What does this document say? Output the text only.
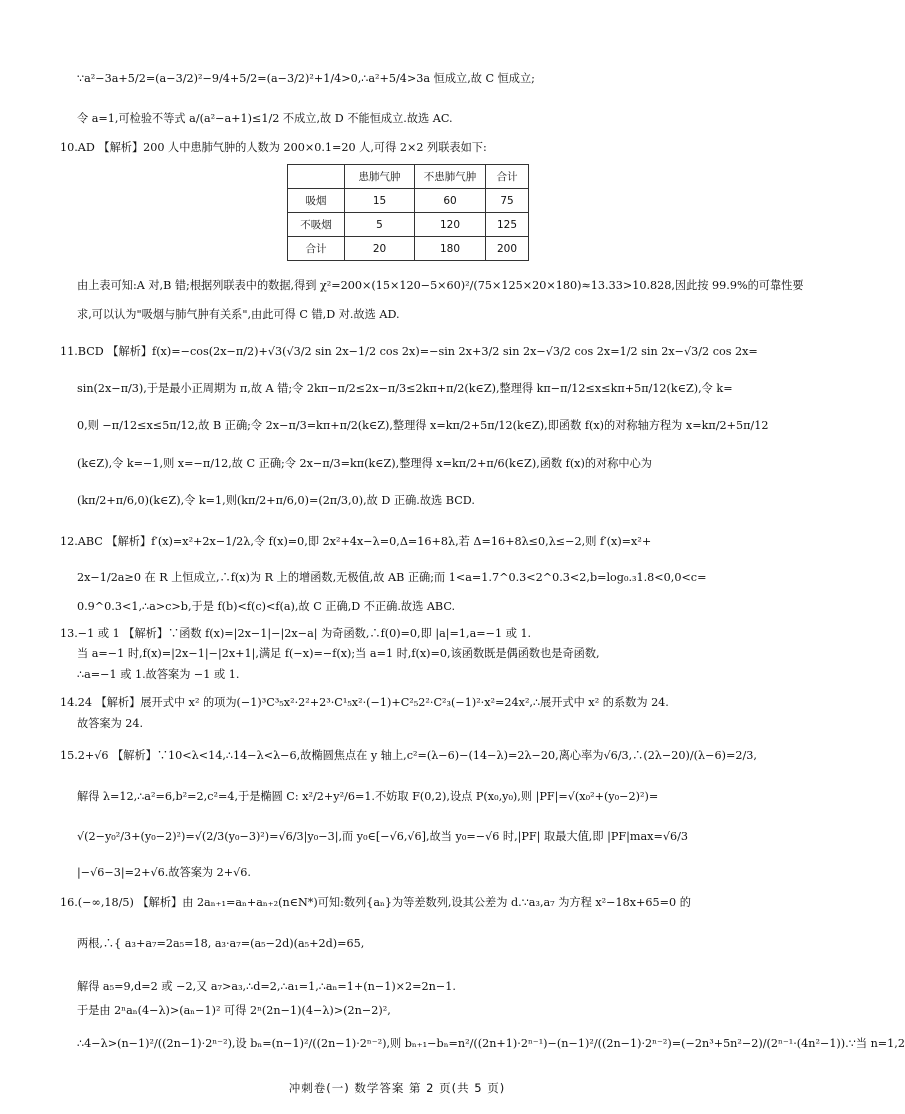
∵a²−3a+5/2=(a−3/2)²−9/4+5/2=(a−3/2)²+1/4>0,∴a²+5/4>3a 恒成立,故 C 恒成立;
令 a=1,可检验不等式 a/(a²−a+1)≤1/2 不成立,故 D 不能恒成立.故选 AC.
10.AD 【解析】200 人中患肺气肿的人数为 200×0.1=20 人,可得 2×2 列联表如下:
	患肺气肿	不患肺气肿	合计
吸烟	15	60	75
不吸烟	5	120	125
合计	20	180	200
由上表可知:A 对,B 错;根据列联表中的数据,得到 χ²=200×(15×120−5×60)²/(75×125×20×180)≈13.33>10.828,因此按 99.9%的可靠性要
求,可以认为"吸烟与肺气肿有关系",由此可得 C 错,D 对.故选 AD.
11.BCD 【解析】f(x)=−cos(2x−π/2)+√3(√3/2 sin 2x−1/2 cos 2x)=−sin 2x+3/2 sin 2x−√3/2 cos 2x=1/2 sin 2x−√3/2 cos 2x=
sin(2x−π/3),于是最小正周期为 π,故 A 错;令 2kπ−π/2≤2x−π/3≤2kπ+π/2(k∈Z),整理得 kπ−π/12≤x≤kπ+5π/12(k∈Z),令 k=
0,则 −π/12≤x≤5π/12,故 B 正确;令 2x−π/3=kπ+π/2(k∈Z),整理得 x=kπ/2+5π/12(k∈Z),即函数 f(x)的对称轴方程为 x=kπ/2+5π/12
(k∈Z),令 k=−1,则 x=−π/12,故 C 正确;令 2x−π/3=kπ(k∈Z),整理得 x=kπ/2+π/6(k∈Z),函数 f(x)的对称中心为
(kπ/2+π/6,0)(k∈Z),令 k=1,则(kπ/2+π/6,0)=(2π/3,0),故 D 正确.故选 BCD.
12.ABC 【解析】f′(x)=x²+2x−1/2λ,令 f(x)=0,即 2x²+4x−λ=0,Δ=16+8λ,若 Δ=16+8λ≤0,λ≤−2,则 f′(x)=x²+
2x−1/2a≥0 在 R 上恒成立,∴f(x)为 R 上的增函数,无极值,故 AB 正确;而 1<a=1.7^0.3<2^0.3<2,b=log₀.₃1.8<0,0<c=
0.9^0.3<1,∴a>c>b,于是 f(b)<f(c)<f(a),故 C 正确,D 不正确.故选 ABC.
13.−1 或 1 【解析】∵函数 f(x)=|2x−1|−|2x−a| 为奇函数,∴f(0)=0,即 |a|=1,a=−1 或 1.
当 a=−1 时,f(x)=|2x−1|−|2x+1|,满足 f(−x)=−f(x);当 a=1 时,f(x)=0,该函数既是偶函数也是奇函数,
∴a=−1 或 1.故答案为 −1 或 1.
14.24 【解析】展开式中 x² 的项为(−1)³C³₅x²·2²+2³·C¹₅x²·(−1)+C²₅2²·C²₃(−1)²·x²=24x²,∴展开式中 x² 的系数为 24.
故答案为 24.
15.2+√6 【解析】∵10<λ<14,∴14−λ<λ−6,故椭圆焦点在 y 轴上,c²=(λ−6)−(14−λ)=2λ−20,离心率为√6/3,∴(2λ−20)/(λ−6)=2/3,
解得 λ=12,∴a²=6,b²=2,c²=4,于是椭圆 C: x²/2+y²/6=1.不妨取 F(0,2),设点 P(x₀,y₀),则 |PF|=√(x₀²+(y₀−2)²)=
√(2−y₀²/3+(y₀−2)²)=√(2/3(y₀−3)²)=√6/3|y₀−3|,而 y₀∈[−√6,√6],故当 y₀=−√6 时,|PF| 取最大值,即 |PF|max=√6/3
|−√6−3|=2+√6.故答案为 2+√6.
16.(−∞,18/5) 【解析】由 2aₙ₊₁=aₙ+aₙ₊₂(n∈N*)可知:数列{aₙ}为等差数列,设其公差为 d.∵a₃,a₇ 为方程 x²−18x+65=0 的
两根,∴{ a₃+a₇=2a₅=18, a₃·a₇=(a₅−2d)(a₅+2d)=65,
解得 a₅=9,d=2 或 −2,又 a₇>a₃,∴d=2,∴a₁=1,∴aₙ=1+(n−1)×2=2n−1.
于是由 2ⁿaₙ(4−λ)>(aₙ−1)² 可得 2ⁿ(2n−1)(4−λ)>(2n−2)²,
∴4−λ>(n−1)²/((2n−1)·2ⁿ⁻²),设 bₙ=(n−1)²/((2n−1)·2ⁿ⁻²),则 bₙ₊₁−bₙ=n²/((2n+1)·2ⁿ⁻¹)−(n−1)²/((2n−1)·2ⁿ⁻²)=(−2n³+5n²−2)/(2ⁿ⁻¹·(4n²−1)).∵当 n=1,2
冲刺卷(一) 数学答案 第 2 页(共 5 页)
